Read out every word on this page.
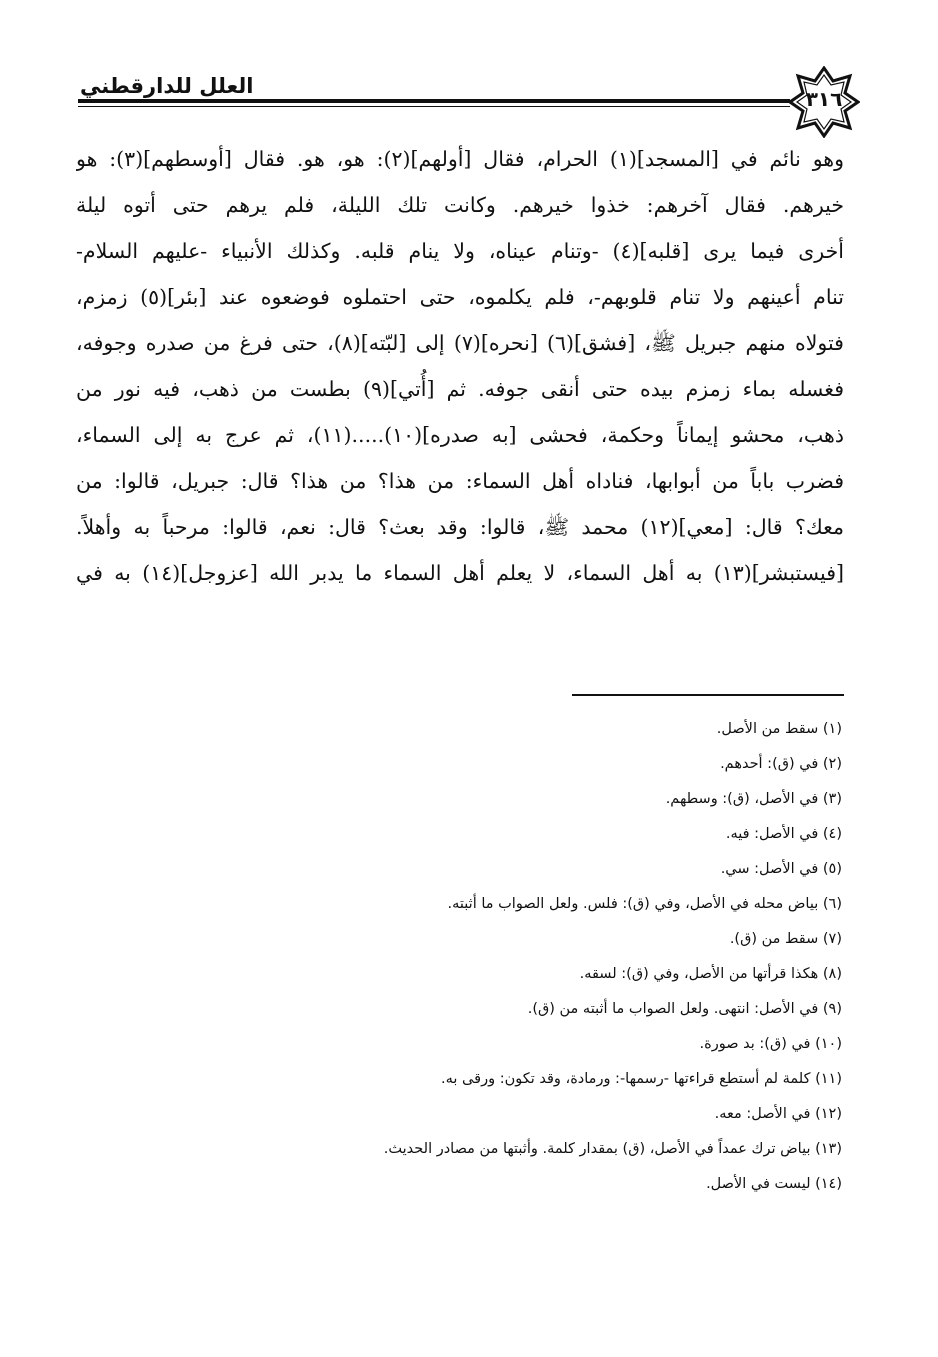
العلل للدارقطني
٣١٦
وهو نائم في [المسجد](١) الحرام، فقال [أولهم](٢): هو، هو. فقال [أوسطهم](٣): هو
خيرهم. فقال آخرهم: خذوا خيرهم. وكانت تلك الليلة، فلم يرهم حتى أتوه ليلة
أخرى فيما يرى [قلبه](٤) -وتنام عيناه، ولا ينام قلبه. وكذلك الأنبياء -عليهم السلام-
تنام أعينهم ولا تنام قلوبهم-، فلم يكلموه، حتى احتملوه فوضعوه عند [بئر](٥) زمزم،
فتولاه منهم جبريل ﷺ، [فشق](٦) [نحره](٧) إلى [لبّته](٨)، حتى فرغ من صدره وجوفه،
فغسله بماء زمزم بيده حتى أنقى جوفه. ثم [أُتي](٩) بطست من ذهب، فيه نور من
ذهب، محشو إيماناً وحكمة، فحشى [به صدره](١٠).....(١١)، ثم عرج به إلى السماء،
فضرب باباً من أبوابها، فناداه أهل السماء: من هذا؟ من هذا؟ قال: جبريل، قالوا: من
معك؟ قال: [معي](١٢) محمد ﷺ، قالوا: وقد بعث؟ قال: نعم، قالوا: مرحباً به وأهلاً.
[فيستبشر](١٣) به أهل السماء، لا يعلم أهل السماء ما يدبر الله [عزوجل](١٤) به في
(١) سقط من الأصل.
(٢) في (ق): أحدهم.
(٣) في الأصل، (ق): وسطهم.
(٤) في الأصل: فيه.
(٥) في الأصل: سي.
(٦) بياض محله في الأصل، وفي (ق): فلس. ولعل الصواب ما أثبته.
(٧) سقط من (ق).
(٨) هكذا قرأتها من الأصل، وفي (ق): لسقه.
(٩) في الأصل: انتهى. ولعل الصواب ما أثبته من (ق).
(١٠) في (ق): بد صورة.
(١١) كلمة لم أستطع قراءتها -رسمها-: ورمادة، وقد تكون: ورقى به.
(١٢) في الأصل: معه.
(١٣) بياض ترك عمداً في الأصل، (ق) بمقدار كلمة. وأثبتها من مصادر الحديث.
(١٤) ليست في الأصل.
